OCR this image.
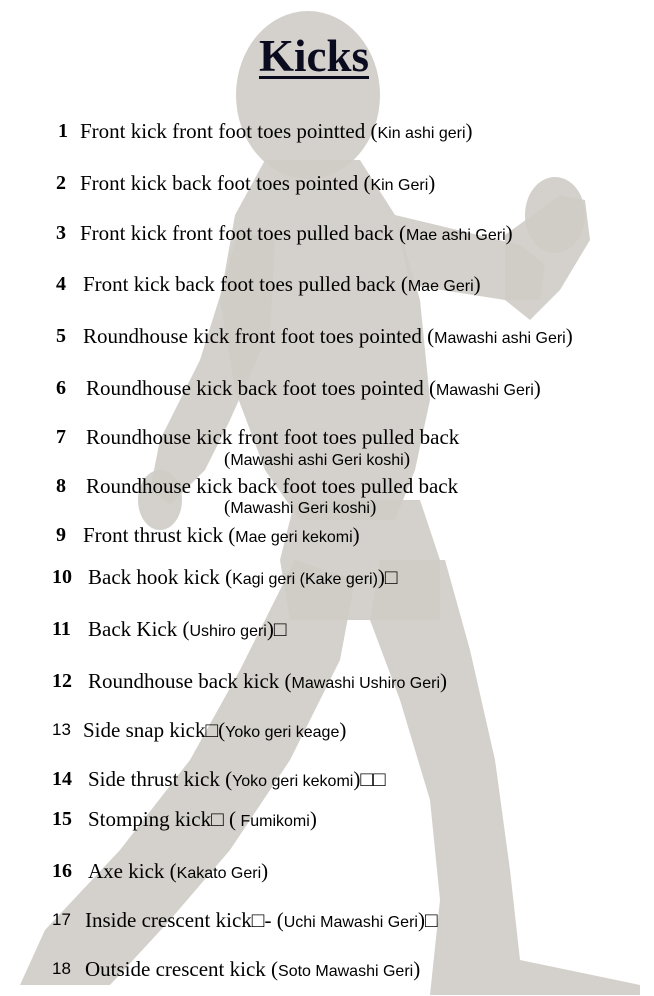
Kicks
1 Front kick front foot toes pointted (Kin ashi geri)
2 Front kick back foot toes pointed (Kin Geri)
3 Front kick front foot toes pulled back (Mae ashi Geri)
4 Front kick back foot toes pulled back (Mae Geri)
5 Roundhouse kick front foot toes pointed (Mawashi ashi Geri)
6 Roundhouse kick back foot toes pointed (Mawashi Geri)
(Mawashi ashi Geri koshi)
7 Roundhouse kick front foot toes pulled back
(Mawashi Geri koshi)
8 Roundhouse kick back foot toes pulled back
9 Front thrust kick (Mae geri kekomi)
10 Back hook kick (Kagi geri (Kake geri))□
11 Back Kick (Ushiro geri)□
12 Roundhouse back kick (Mawashi Ushiro Geri)
13 Side snap kick□(Yoko geri keage)
14 Side thrust kick (Yoko geri kekomi)□□
15 Stomping kick□ ( Fumikomi)
16 Axe kick (Kakato Geri)
17 Inside crescent kick□- (Uchi Mawashi Geri)□
18 Outside crescent kick (Soto Mawashi Geri)
